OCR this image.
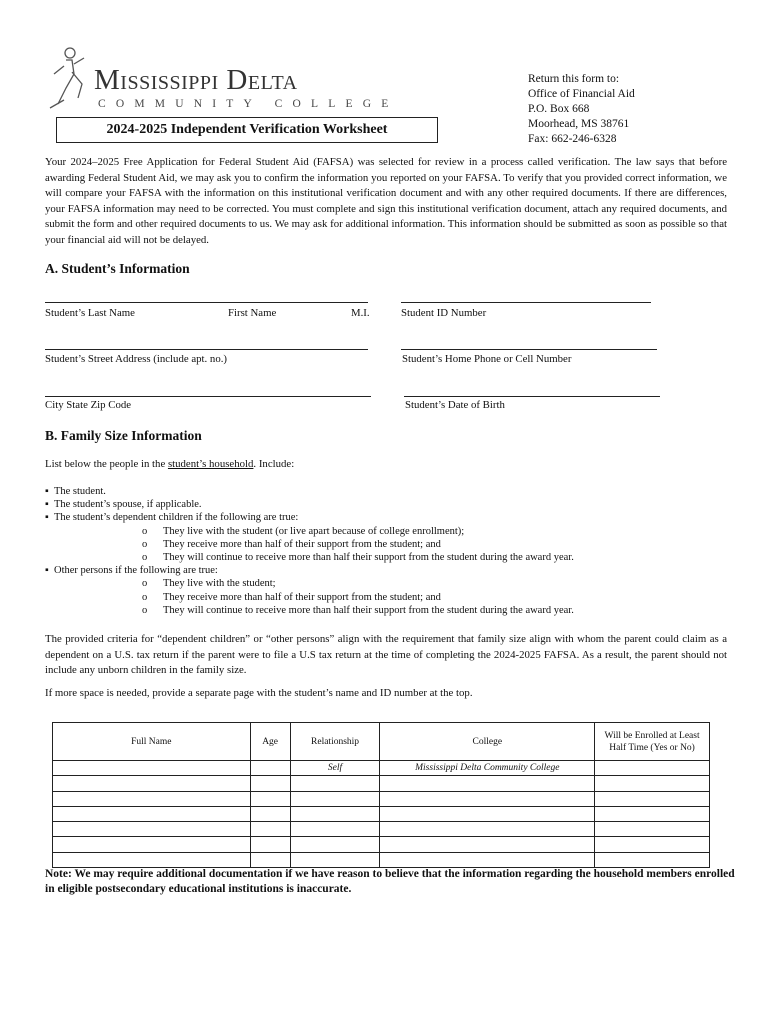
Mississippi Delta
COMMUNITY COLLEGE
Return this form to:
Office of Financial Aid
P.O. Box 668
Moorhead, MS 38761
Fax: 662-246-6328
2024-2025 Independent Verification Worksheet
Your 2024–2025 Free Application for Federal Student Aid (FAFSA) was selected for review in a process called verification. The law says that before awarding Federal Student Aid, we may ask you to confirm the information you reported on your FAFSA. To verify that you provided correct information, we will compare your FAFSA with the information on this institutional verification document and with any other required documents. If there are differences, your FAFSA information may need to be corrected. You must complete and sign this institutional verification document, attach any required documents, and submit the form and other required documents to us. We may ask for additional information. This information should be submitted as soon as possible so that your financial aid will not be delayed.
A. Student’s Information
Student’s Last Name	First Name	M.I.	Student ID Number
Student’s Street Address (include apt. no.)	Student’s Home Phone or Cell Number
City State Zip Code	Student’s Date of Birth
B. Family Size Information
List below the people in the student’s household. Include:
▪ The student.
▪ The student’s spouse, if applicable.
▪ The student’s dependent children if the following are true:
o They live with the student (or live apart because of college enrollment);
o They receive more than half of their support from the student; and
o They will continue to receive more than half their support from the student during the award year.
▪ Other persons if the following are true:
o They live with the student;
o They receive more than half of their support from the student; and
o They will continue to receive more than half their support from the student during the award year.
The provided criteria for “dependent children” or “other persons” align with the requirement that family size align with whom the parent could claim as a dependent on a U.S. tax return if the parent were to file a U.S tax return at the time of completing the 2024-2025 FAFSA. As a result, the parent should not include any unborn children in the family size.
If more space is needed, provide a separate page with the student’s name and ID number at the top.
Full Name	Age	Relationship	College	Will be Enrolled at Least Half Time (Yes or No)
		Self	Mississippi Delta Community College	

Note: We may require additional documentation if we have reason to believe that the information regarding the household members enrolled in eligible postsecondary educational institutions is inaccurate.
